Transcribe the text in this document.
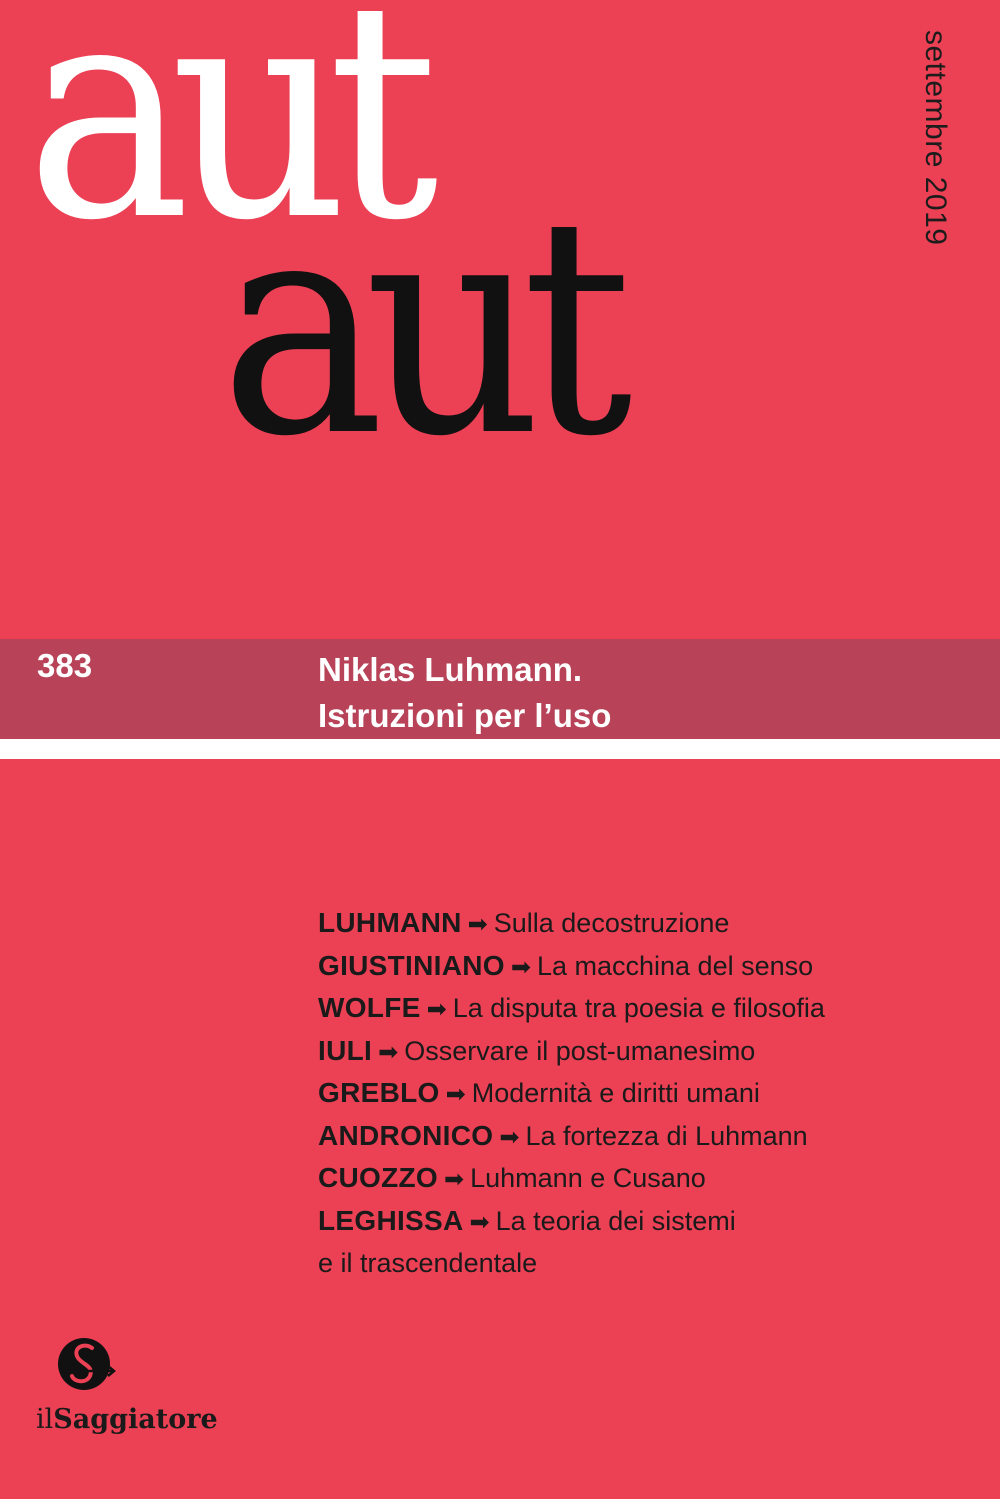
aut
aut
settembre 2019
383	Niklas Luhmann.
Istruzioni per l’uso
LUHMANN ➡ Sulla decostruzione
GIUSTINIANO ➡ La macchina del senso
WOLFE ➡ La disputa tra poesia e filosofia
IULI ➡ Osservare il post-umanesimo
GREBLO ➡ Modernità e diritti umani
ANDRONICO ➡ La fortezza di Luhmann
CUOZZO ➡ Luhmann e Cusano
LEGHISSA ➡ La teoria dei sistemi
e il trascendentale
ilSaggiatore
